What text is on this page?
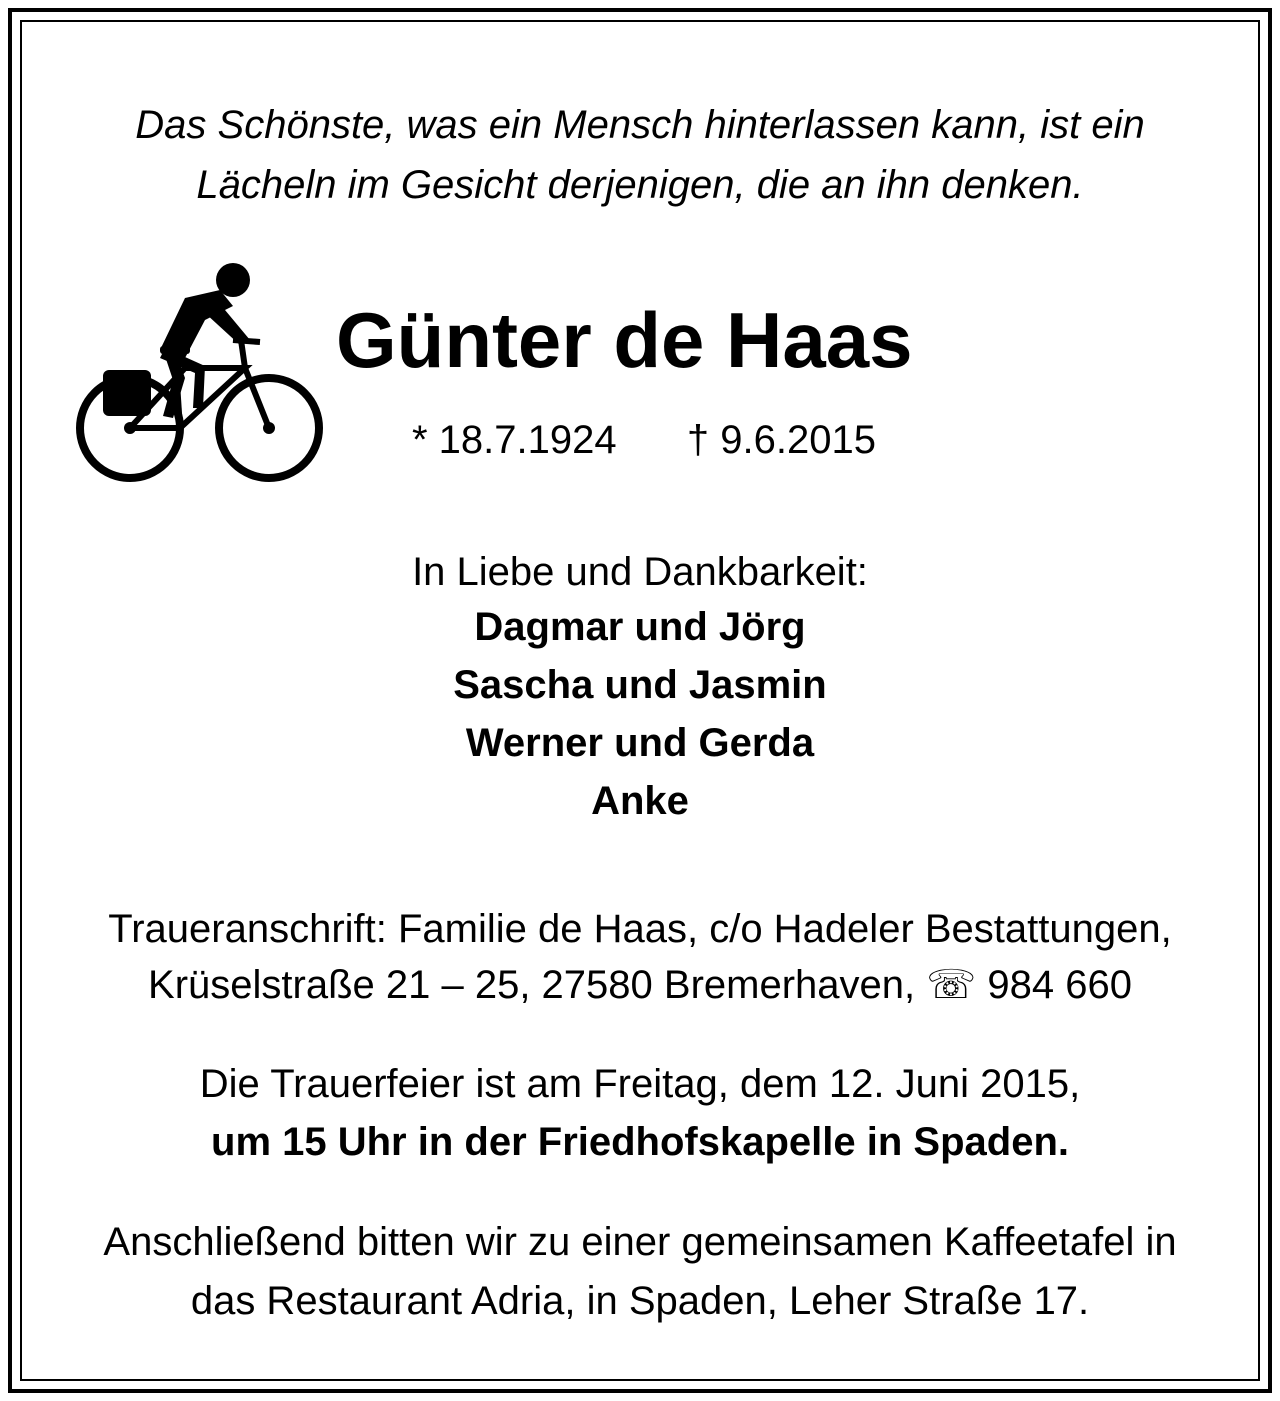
Das Schönste, was ein Mensch hinterlassen kann, ist ein
Lächeln im Gesicht derjenigen, die an ihn denken.
Günter de Haas
* 18.7.1924 † 9.6.2015
In Liebe und Dankbarkeit:
Dagmar und Jörg
Sascha und Jasmin
Werner und Gerda
Anke
Traueranschrift: Familie de Haas, c/o Hadeler Bestattungen,
Krüselstraße 21 – 25, 27580 Bremerhaven, ☏ 984 660
Die Trauerfeier ist am Freitag, dem 12. Juni 2015,
um 15 Uhr in der Friedhofskapelle in Spaden.
Anschließend bitten wir zu einer gemeinsamen Kaffeetafel in
das Restaurant Adria, in Spaden, Leher Straße 17.
